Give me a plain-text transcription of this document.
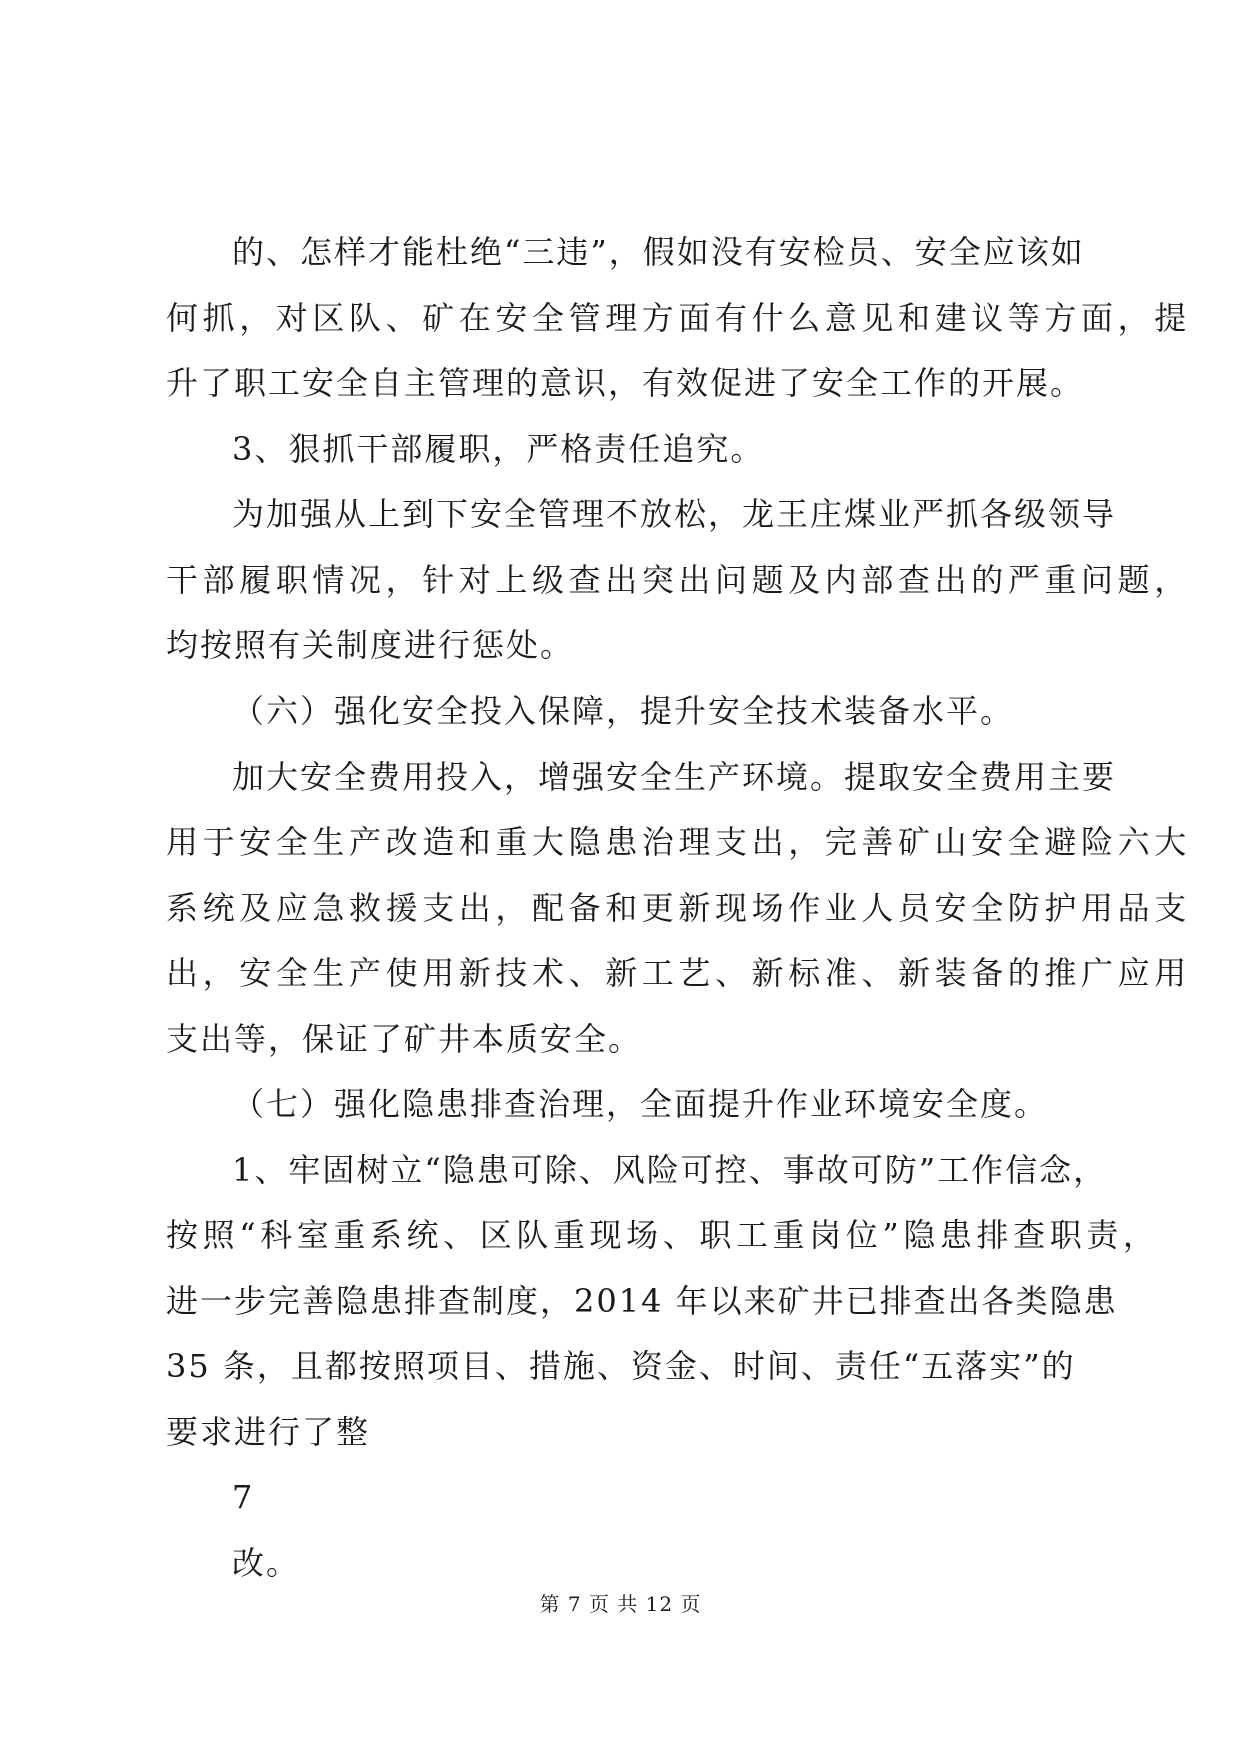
的、怎样才能杜绝“三违”，假如没有安检员、安全应该如
何抓，对区队、矿在安全管理方面有什么意见和建议等方面，提
升了职工安全自主管理的意识，有效促进了安全工作的开展。
3、狠抓干部履职，严格责任追究。
为加强从上到下安全管理不放松，龙王庄煤业严抓各级领导
干部履职情况，针对上级查出突出问题及内部查出的严重问题，
均按照有关制度进行惩处。
（六）强化安全投入保障，提升安全技术装备水平。
加大安全费用投入，增强安全生产环境。提取安全费用主要
用于安全生产改造和重大隐患治理支出，完善矿山安全避险六大
系统及应急救援支出，配备和更新现场作业人员安全防护用品支
出，安全生产使用新技术、新工艺、新标准、新装备的推广应用
支出等，保证了矿井本质安全。
（七）强化隐患排查治理，全面提升作业环境安全度。
1、牢固树立“隐患可除、风险可控、事故可防”工作信念，
按照“科室重系统、区队重现场、职工重岗位”隐患排查职责，
进一步完善隐患排查制度，2014 年以来矿井已排查出各类隐患
35 条，且都按照项目、措施、资金、时间、责任“五落实”的
要求进行了整
7
改。
第 7 页 共 12 页
